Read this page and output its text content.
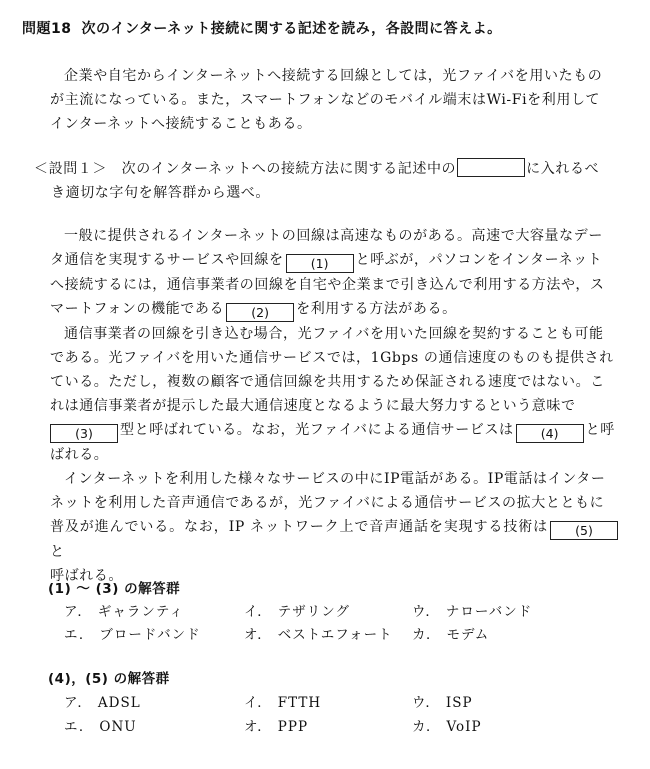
問題18 次のインターネット接続に関する記述を読み，各設問に答えよ。
企業や自宅からインターネットへ接続する回線としては，光ファイバを用いたもの
が主流になっている。また，スマートフォンなどのモバイル端末はWi-Fiを利用して
インターネットへ接続することもある。
＜設問１＞　次のインターネットへの接続方法に関する記述中の	に入れるべ
き適切な字句を解答群から選べ。
一般に提供されるインターネットの回線は高速なものがある。高速で大容量なデー
タ通信を実現するサービスや回線を (1) と呼ぶが，パソコンをインターネット
へ接続するには，通信事業者の回線を自宅や企業まで引き込んで利用する方法や，ス
マートフォンの機能である (2) を利用する方法がある。
通信事業者の回線を引き込む場合，光ファイバを用いた回線を契約することも可能
である。光ファイバを用いた通信サービスでは，1Gbps の通信速度のものも提供され
ている。ただし，複数の顧客で通信回線を共用するため保証される速度ではない。こ
れは通信事業者が提示した最大通信速度となるように最大努力するという意味で
(3) 型と呼ばれている。なお，光ファイバによる通信サービスは (4) と呼
ばれる。
インターネットを利用した様々なサービスの中にIP電話がある。IP電話はインター
ネットを利用した音声通信であるが，光ファイバによる通信サービスの拡大とともに
普及が進んでいる。なお，IP ネットワーク上で音声通話を実現する技術は (5)と
呼ばれる。
(1) ～ (3) の解答群
ア． ギャランティ	イ． テザリング	ウ． ナローバンド
エ． ブロードバンド	オ． ベストエフォート カ． モデム
(4)，(5) の解答群
ア． ADSL	イ． FTTH	ウ． ISP
エ． ONU	オ． PPP	カ． VoIP
